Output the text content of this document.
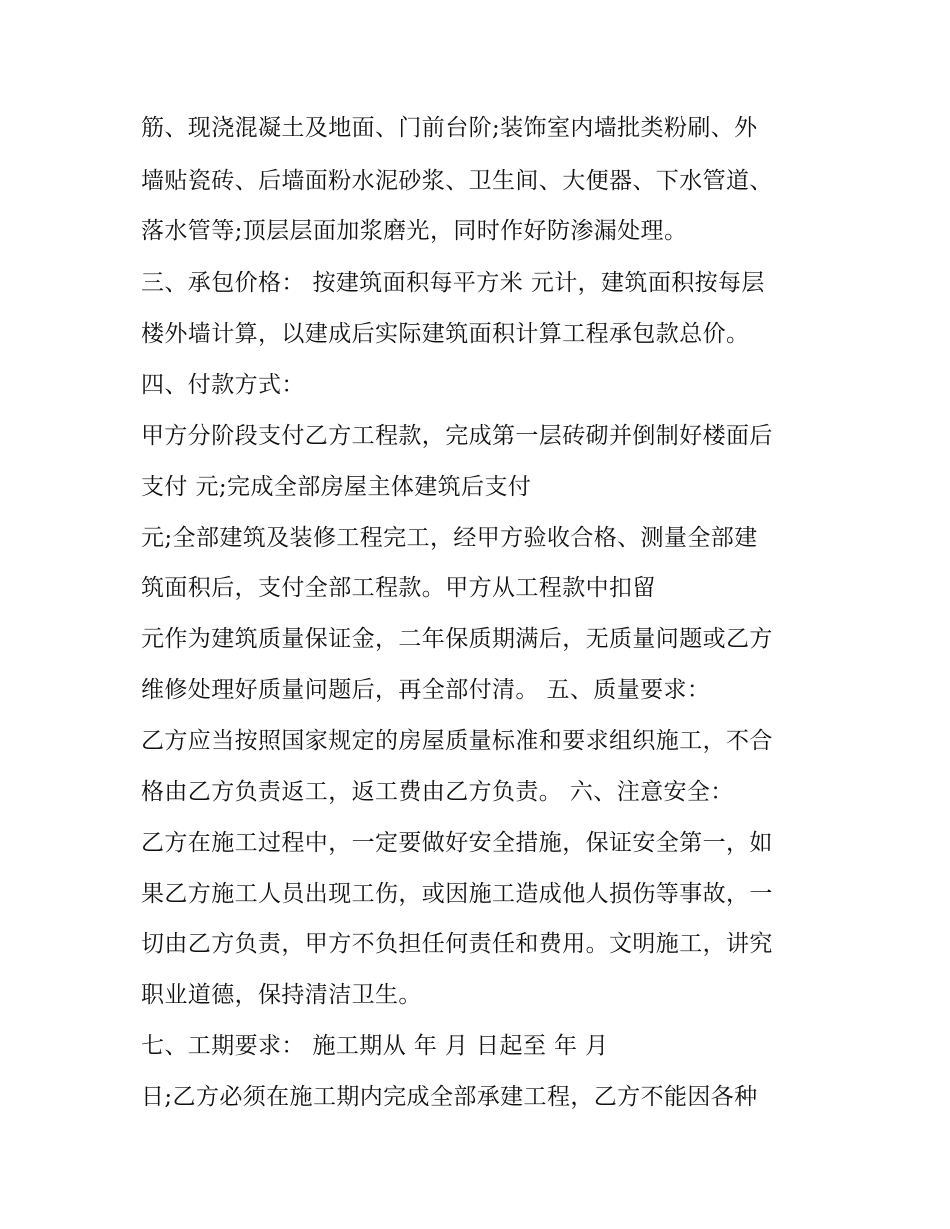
筋、现浇混凝土及地面、门前台阶;装饰室内墙批类粉刷、外
墙贴瓷砖、后墙面粉水泥砂浆、卫生间、大便器、下水管道、
落水管等;顶层层面加浆磨光，同时作好防渗漏处理。
三、承包价格： 按建筑面积每平方米 元计，建筑面积按每层
楼外墙计算，以建成后实际建筑面积计算工程承包款总价。
四、付款方式：
甲方分阶段支付乙方工程款，完成第一层砖砌并倒制好楼面后
支付 元;完成全部房屋主体建筑后支付
元;全部建筑及装修工程完工，经甲方验收合格、测量全部建
筑面积后，支付全部工程款。甲方从工程款中扣留
元作为建筑质量保证金，二年保质期满后，无质量问题或乙方
维修处理好质量问题后，再全部付清。 五、质量要求：
乙方应当按照国家规定的房屋质量标准和要求组织施工，不合
格由乙方负责返工，返工费由乙方负责。 六、注意安全：
乙方在施工过程中，一定要做好安全措施，保证安全第一，如
果乙方施工人员出现工伤，或因施工造成他人损伤等事故，一
切由乙方负责，甲方不负担任何责任和费用。文明施工，讲究
职业道德，保持清洁卫生。
七、工期要求： 施工期从 年 月 日起至 年 月
日;乙方必须在施工期内完成全部承建工程，乙方不能因各种
